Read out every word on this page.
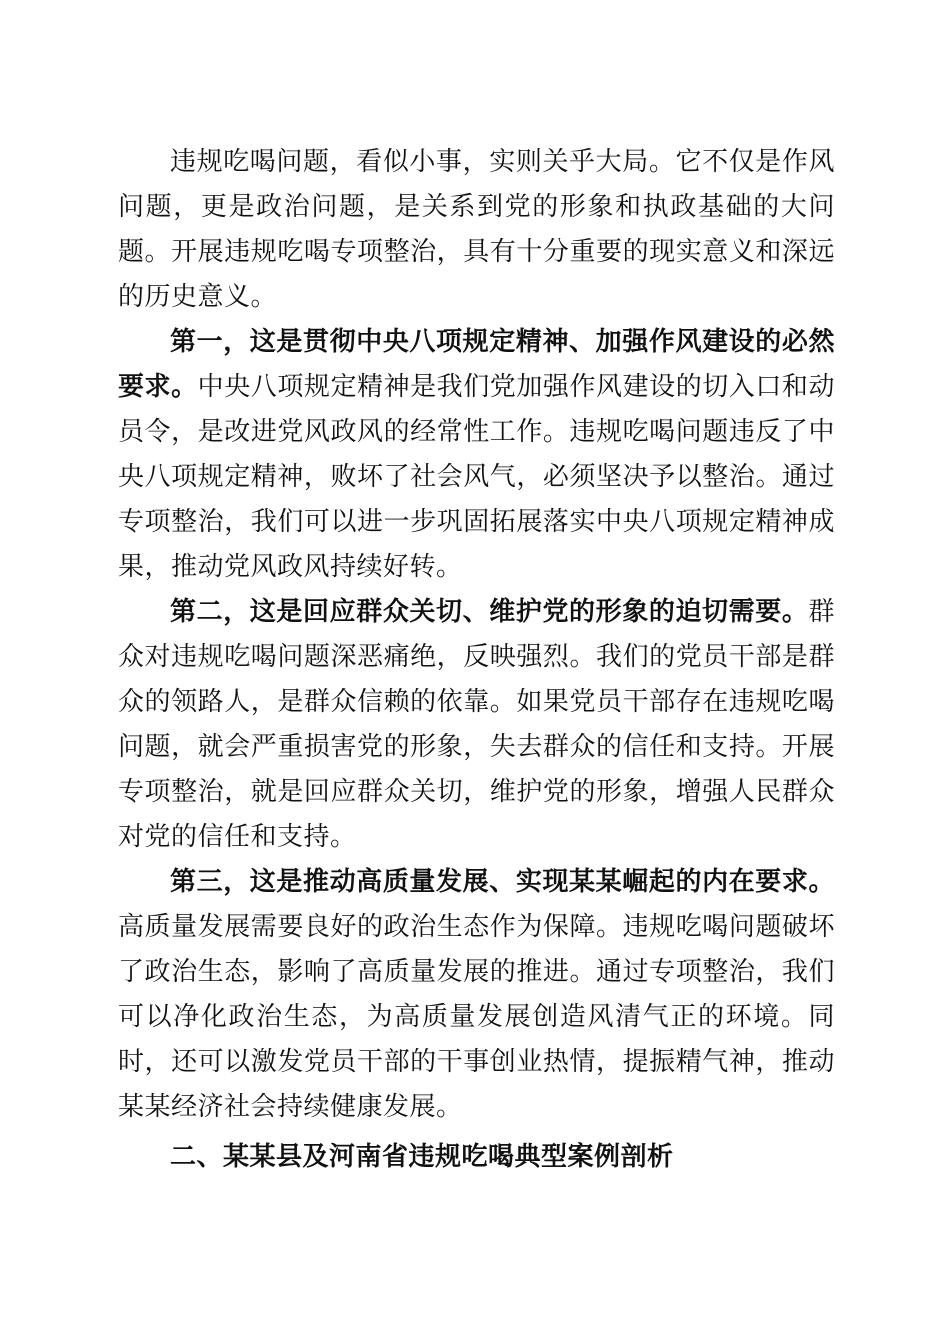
违规吃喝问题，看似小事，实则关乎大局。它不仅是作风问题，更是政治问题，是关系到党的形象和执政基础的大问题。开展违规吃喝专项整治，具有十分重要的现实意义和深远的历史意义。

第一，这是贯彻中央八项规定精神、加强作风建设的必然要求。中央八项规定精神是我们党加强作风建设的切入口和动员令，是改进党风政风的经常性工作。违规吃喝问题违反了中央八项规定精神，败坏了社会风气，必须坚决予以整治。通过专项整治，我们可以进一步巩固拓展落实中央八项规定精神成果，推动党风政风持续好转。

第二，这是回应群众关切、维护党的形象的迫切需要。群众对违规吃喝问题深恶痛绝，反映强烈。我们的党员干部是群众的领路人，是群众信赖的依靠。如果党员干部存在违规吃喝问题，就会严重损害党的形象，失去群众的信任和支持。开展专项整治，就是回应群众关切，维护党的形象，增强人民群众对党的信任和支持。

第三，这是推动高质量发展、实现某某崛起的内在要求。高质量发展需要良好的政治生态作为保障。违规吃喝问题破坏了政治生态，影响了高质量发展的推进。通过专项整治，我们可以净化政治生态，为高质量发展创造风清气正的环境。同时，还可以激发党员干部的干事创业热情，提振精气神，推动某某经济社会持续健康发展。

二、某某县及河南省违规吃喝典型案例剖析
